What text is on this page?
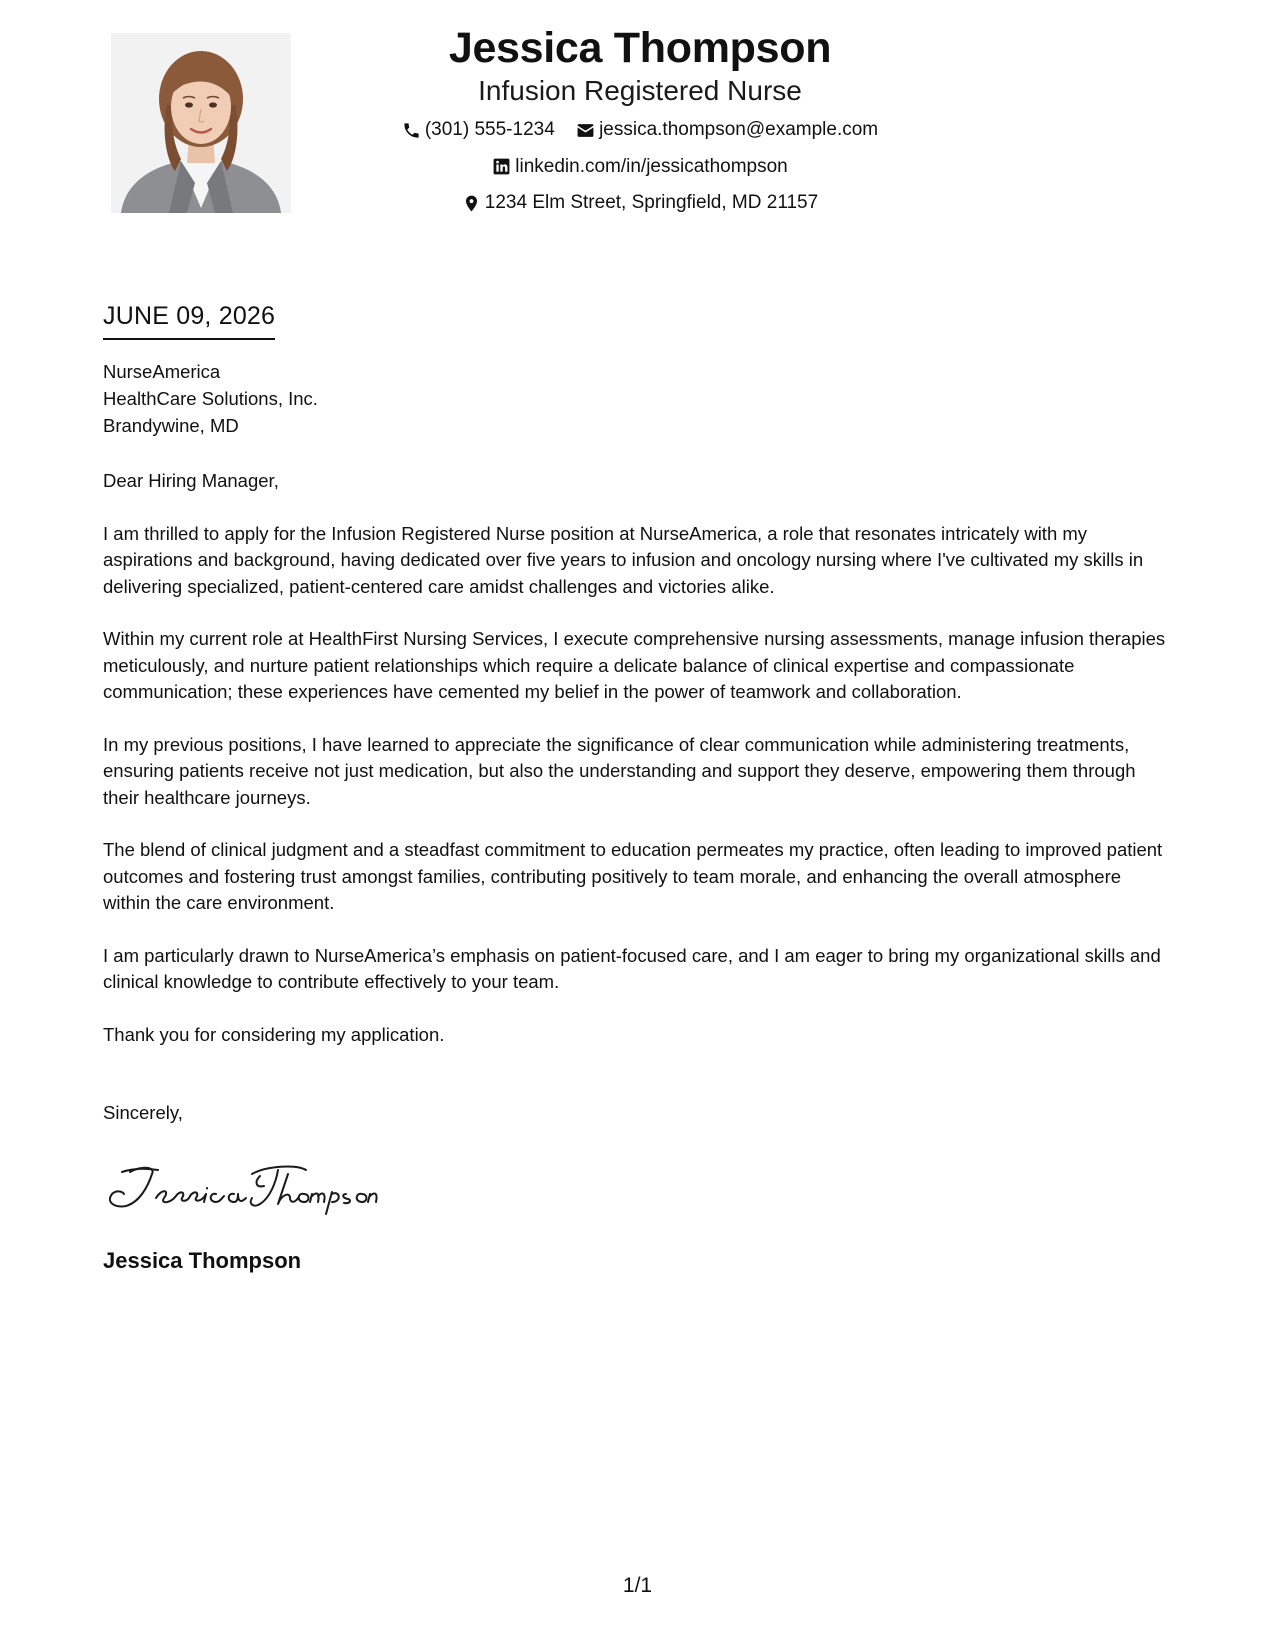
Jessica Thompson
Infusion Registered Nurse
(301) 555-1234
jessica.thompson@example.com
linkedin.com/in/jessicathompson
1234 Elm Street, Springfield, MD 21157
JUNE 09, 2026
NurseAmerica
HealthCare Solutions, Inc.
Brandywine, MD

Dear Hiring Manager,

I am thrilled to apply for the Infusion Registered Nurse position at NurseAmerica, a role that resonates intricately with my aspirations and background, having dedicated over five years to infusion and oncology nursing where I've cultivated my skills in delivering specialized, patient-centered care amidst challenges and victories alike.

Within my current role at HealthFirst Nursing Services, I execute comprehensive nursing assessments, manage infusion therapies meticulously, and nurture patient relationships which require a delicate balance of clinical expertise and compassionate communication; these experiences have cemented my belief in the power of teamwork and collaboration.

In my previous positions, I have learned to appreciate the significance of clear communication while administering treatments, ensuring patients receive not just medication, but also the understanding and support they deserve, empowering them through their healthcare journeys.

The blend of clinical judgment and a steadfast commitment to education permeates my practice, often leading to improved patient outcomes and fostering trust amongst families, contributing positively to team morale, and enhancing the overall atmosphere within the care environment.

I am particularly drawn to NurseAmerica’s emphasis on patient-focused care, and I am eager to bring my organizational skills and clinical knowledge to contribute effectively to your team.

Thank you for considering my application.

Sincerely,
Jessica Thompson
1/1
